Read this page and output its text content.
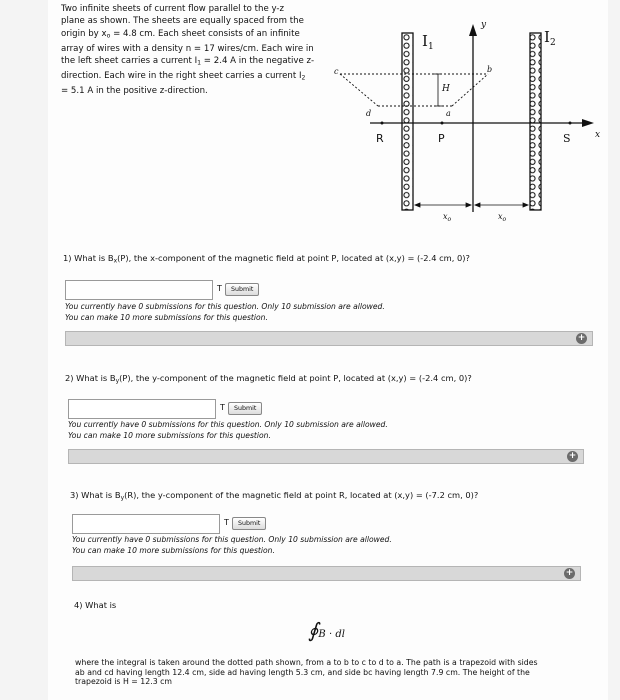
Two infinite sheets of current flow parallel to the y-z
plane as shown. The sheets are equally spaced from the
origin by $x_o = 4.8$ cm. Each sheet consists of an infinite
array of wires with a density n = 17 wires/cm. Each wire in
the left sheet carries a current $I_1 = 2.4$ A in the negative z-
direction. Each wire in the right sheet carries a current $I_2$
= 5.1 A in the positive z-direction.
$I_1$
$I_2$
y
x
S
R	P
H
a
b
c
d
$x_o$	$x_o$
1) What is $B_x(P)$, the x-component of the magnetic field at point P, located at (x,y) = (-2.4 cm, 0)?
T	Submit
You currently have 0 submissions for this question. Only 10 submission are allowed.
You can make 10 more submissions for this question.
+
2) What is $B_y(P)$, the y-component of the magnetic field at point P, located at (x,y) = (-2.4 cm, 0)?
T	Submit
You currently have 0 submissions for this question. Only 10 submission are allowed.
You can make 10 more submissions for this question.
+
3) What is $B_y(R)$, the y-component of the magnetic field at point R, located at (x,y) = (-7.2 cm, 0)?
T	Submit
You currently have 0 submissions for this question. Only 10 submission are allowed.
You can make 10 more submissions for this question.
+
4) What is
∮B · dl
where the integral is taken around the dotted path shown, from a to b to c to d to a. The path is a trapezoid with sides
ab and cd having length 12.4 cm, side ad having length 5.3 cm, and side bc having length 7.9 cm. The height of the
trapezoid is H = 12.3 cm
